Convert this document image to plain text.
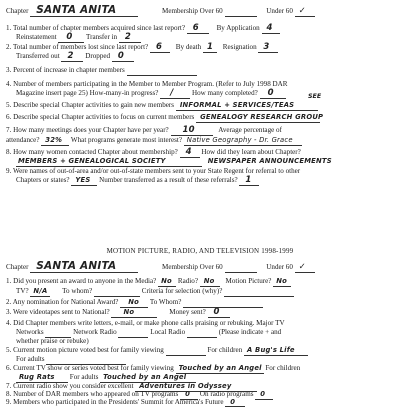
Chapter SANTA ANITA	Membership Over 60	Under 60 ✓
1. Total number of chapter members acquired since last report? 6 By Application 4
Reinstatement 0 Transfer in 2
2. Total number of members lost since last report? 6 By death 1 Resignation 3
Transferred out 2 Dropped 0
3. Percent of increase in chapter members
4. Number of members participating in the Member to Member Program. (Refer to July 1998 DAR
Magazine insert page 25) How-many-in progress? /	How many completed? 0	SEE
5. Describe special Chapter activities to gain new members INFORMAL + SERVICES/TEAS
6. Describe special Chapter activities to focus on current members GENEALOGY RESEARCH GROUP
7. How many meetings does your Chapter have per year? 10	Average percentage of
attendance? 32% What programs generate most interest? Native Geography - Dr. Grace
8. How many women contacted Chapter about membership? 4 How did they learn about Chapter?
MEMBERS + GENEALOGICAL SOCIETY	NEWSPAPER ANNOUNCEMENTS
9. Were names of out-of-area and/or out-of-state members sent to your State Regent for referral to other
Chapters or states? YES Number transferred as a result of these referrals? 1
MOTION PICTURE, RADIO, AND TELEVISION 1998-1999
Chapter SANTA ANITA	Membership Over 60	Under 60 ✓
1. Did you present an award to anyone in the Media? No Radio? No Motion Picture? No
TV? N/A To whom?	Criteria for selection (why)?
2. Any nomination for National Award? No To Whom?
3. Were videotapes sent to National? No	Money sent? 0
4. Did Chapter members write letters, e-mail, or make phone calls praising or rebuking. Major TV
Networks	Network Radio	Local Radio	(Please indicate + and
whether praise or rebuke)
5. Current motion picture voted best for family viewing	For children A Bug's Life
For adults
6. Current TV show or series voted best for family viewing Touched by an Angel For children
Rug Rats For adults Touched by an Angel
7. Current radio show you consider excellent Adventures in Odyssey
8. Number of DAR members who appeared on TV programs 0 On radio programs 0
9. Members who participated in the Presidents' Summit for America's Future 0
